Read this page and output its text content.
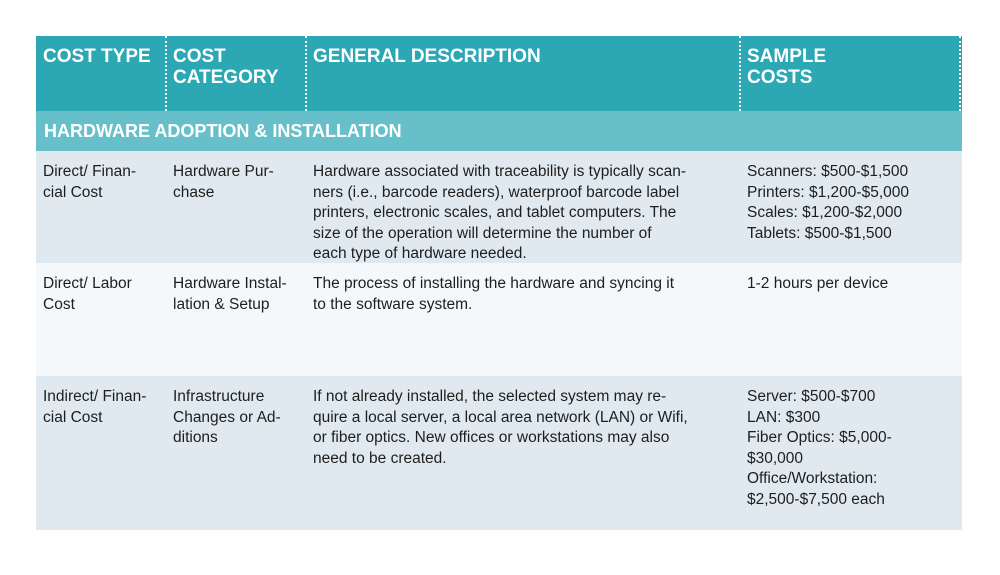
COST TYPE	COST
CATEGORY
GENERAL DESCRIPTION	SAMPLE
COSTS
HARDWARE ADOPTION & INSTALLATION
Direct/ Finan-
cial Cost
Hardware Pur-
chase
Hardware associated with traceability is typically scan-
ners (i.e., barcode readers), waterproof barcode label
printers, electronic scales, and tablet computers. The
size of the operation will determine the number of
each type of hardware needed.
Scanners: $500-$1,500
Printers: $1,200-$5,000
Scales: $1,200-$2,000
Tablets: $500-$1,500
Direct/ Labor
Cost
Hardware Instal-
lation & Setup
The process of installing the hardware and syncing it
to the software system.
1-2 hours per device
Indirect/ Finan-
cial Cost
Infrastructure
Changes or Ad-
ditions
If not already installed, the selected system may re-
quire a local server, a local area network (LAN) or Wifi,
or fiber optics. New offices or workstations may also
need to be created.
Server: $500-$700
LAN: $300
Fiber Optics: $5,000-
$30,000
Office/Workstation:
$2,500-$7,500 each
